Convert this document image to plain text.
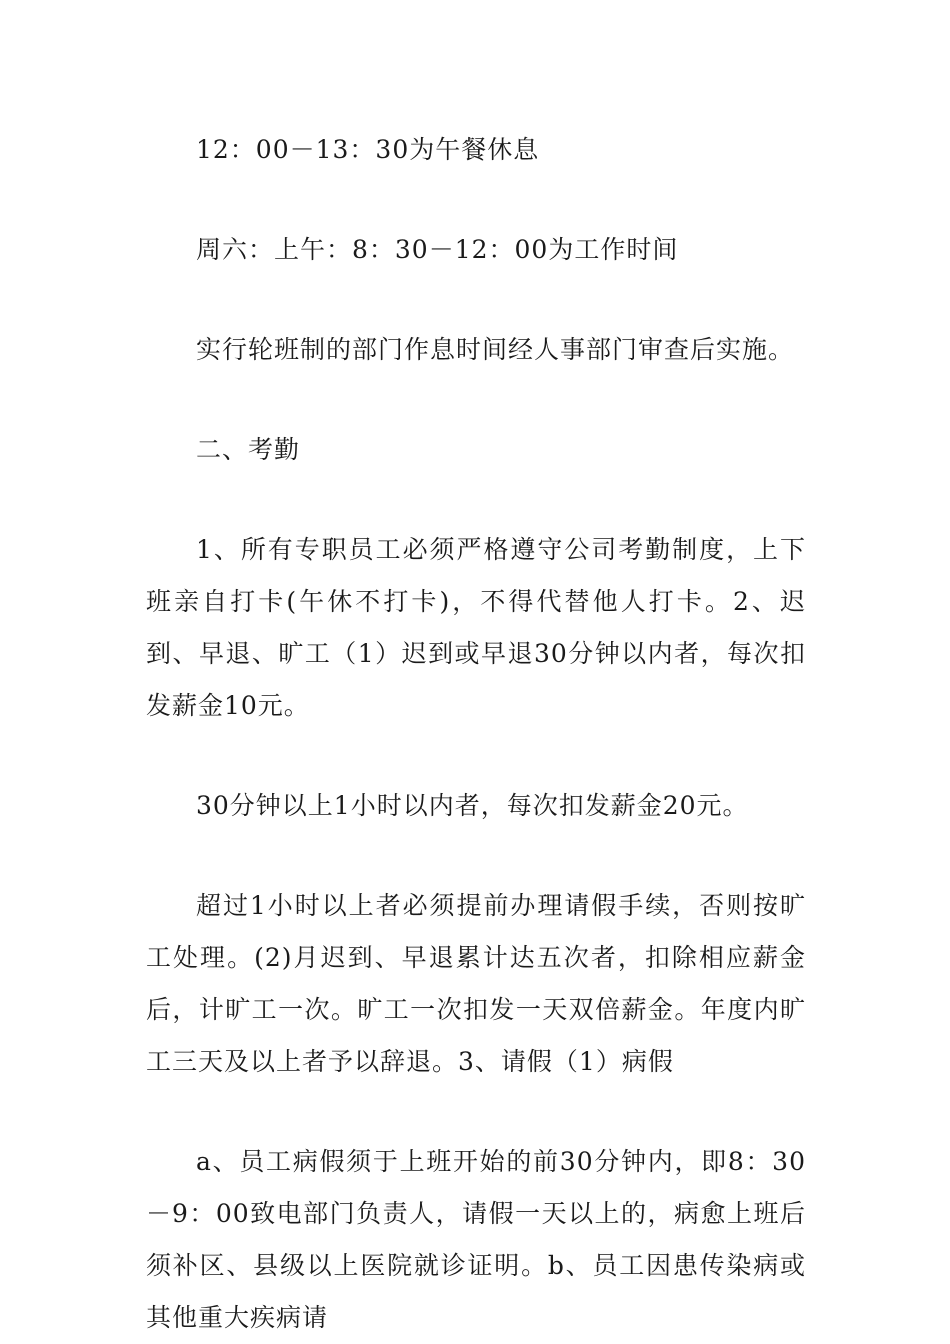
12：00－13：30为午餐休息

周六：上午：8：30－12：00为工作时间

实行轮班制的部门作息时间经人事部门审查后实施。

二、考勤

1、所有专职员工必须严格遵守公司考勤制度，上下班亲自打卡(午休不打卡)，不得代替他人打卡。2、迟到、早退、旷工（1）迟到或早退30分钟以内者，每次扣发薪金10元。

30分钟以上1小时以内者，每次扣发薪金20元。

超过1小时以上者必须提前办理请假手续，否则按旷工处理。(2)月迟到、早退累计达五次者，扣除相应薪金后，计旷工一次。旷工一次扣发一天双倍薪金。年度内旷工三天及以上者予以辞退。3、请假（1）病假

a、员工病假须于上班开始的前30分钟内，即8：30－9：00致电部门负责人，请假一天以上的，病愈上班后须补区、县级以上医院就诊证明。b、员工因患传染病或其他重大疾病请
